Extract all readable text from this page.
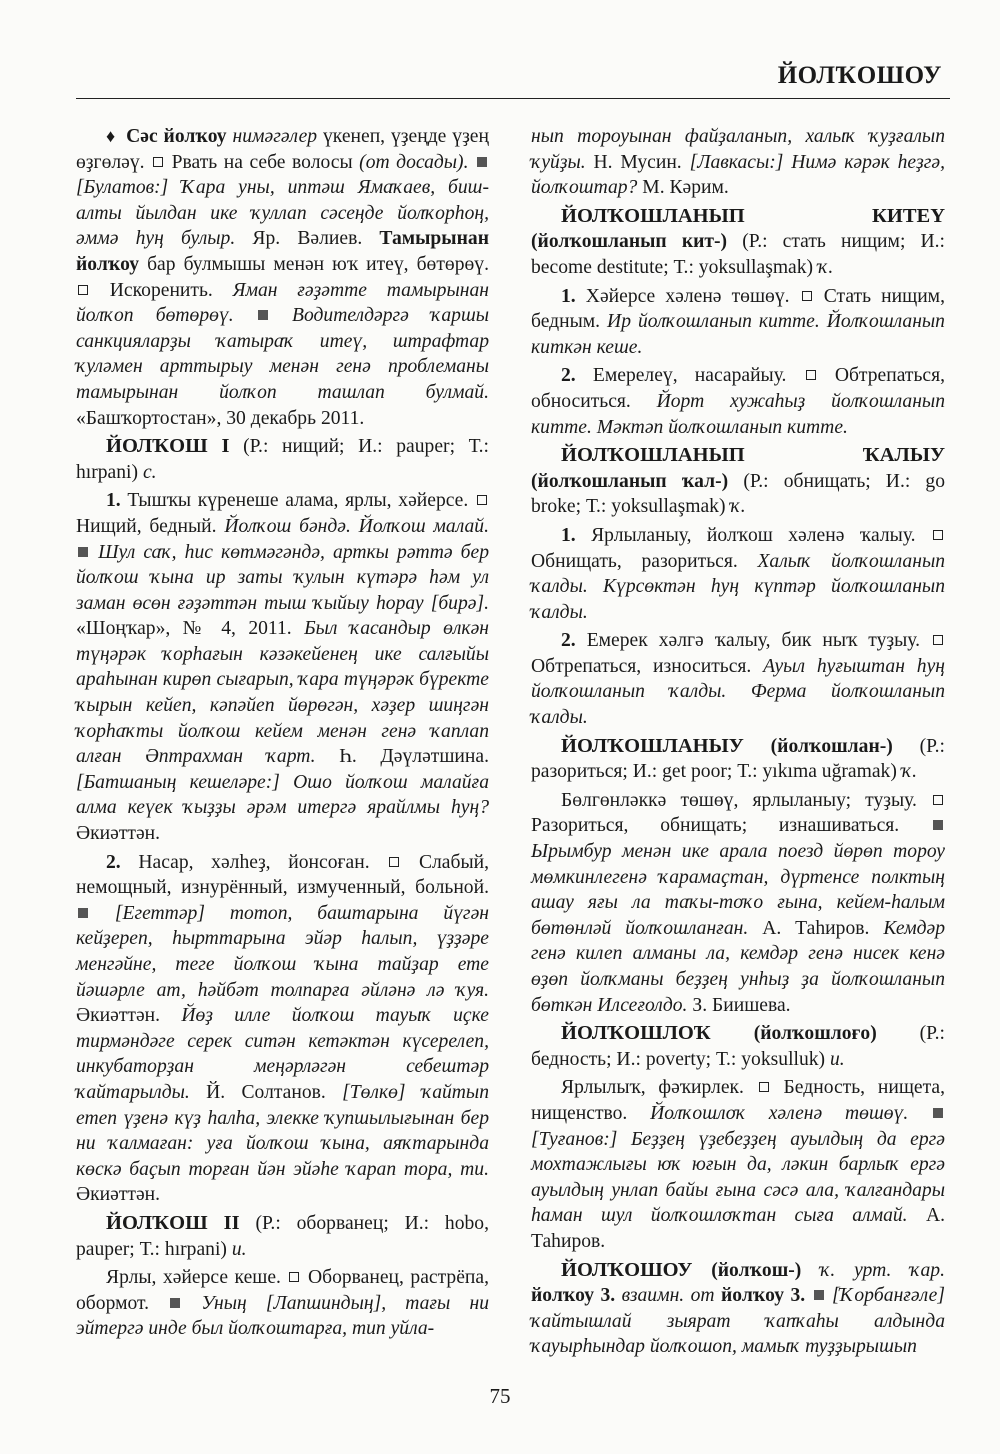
ЙОЛҠОШОУ

♦ Сәс йолҡоу нимәгәлер үкенеп, үҙеңде үҙең өҙгөләү. Рвать на себе волосы (от досады).  [Булатов:] Ҡара уны, иптәш Ямаҡаев, биш-алты йылдан ике ҡуллап сәсеңде йолҡорһоң, әммә һуң булыр. Яр. Вәлиев. Тамырынан йолҡоу бар булмышы менән юҡ итеү, бөтөрөү.  Искоренить. Яман ғәҙәтте тамырынан йолҡоп бөтөрөү.	Водителдәргә ҡаршы санкцияларҙы ҡатыраҡ итеү, штрафтар ҡуләмен арттырыу менән генә проблеманы тамырынан йолҡоп ташлап булмай. «Башҡортостан», 30 декабрь 2011.

ЙОЛҠОШ I (Р.: нищий; И.: pauper; Т.: hırpani) с.

1. Тышҡы күренеше алама, ярлы, хәйерсе.  Нищий, бедный. Йолҡош бәндә. Йолҡош малай.  Шул саҡ, һис көтмәгәндә, арткы рәттә бер йолҡош ҡына ир заты ҡулын күтәрә һәм ул заман өсөн ғәҙәттән тыш ҡыйыу һорау [бирә]. «Шоңҡар», № 4, 2011. Был ҡасандыр өлкән түңәрәк ҡорһағын кәзәкейенең ике салғыйы араһынан кирөп сығарып, ҡара түңәрәк бүректе ҡырын кейеп, кәпәйеп йөрөгән, хәҙер шиңгән ҡорһаҡты йолҡош кейем менән генә ҡаплап алған Әптрахман ҡарт. Һ. Дәүләтшина. [Батшаның кешеләре:] Ошо йолҡош малайға алма кеүек ҡыҙҙы әрәм итергә ярайлмы һуң? Әкиәттән.

2. Насар, хәлһеҙ, йонсоған.	Слабый, немощный, изнурённый, измученный, больной.  [Егеттәр] тотоп, баштарына йүгән кейҙереп, һырттарына эйәр һалып, үҙҙәре менгәйне, теге йолҡош ҡына тайҙар ете йәшәрле ат, һәйбәт толпарға әйләнә лә ҡуя. Әкиәттән. Йөҙ илле йолҡош тауыҡ иҫке тирмәндәге серек ситән кетәктән күсерелеп, инкубаторҙан меңәрләгән себештәр ҡайтарылды. Й. Солтанов. [Төлкө] ҡайтып етеп үҙенә күҙ һалһа, элекке ҡупшылығынан бер ни ҡалмаған: уға йолҡош ҡына, аяҡтарында көскә баҫып торған йән эйәһе ҡарап тора, ти. Әкиәттән.

ЙОЛҠОШ II (Р.: оборванец; И.: hobo, pauper; Т.: hırpani) и.

Ярлы, хәйерсе кеше. Оборванец, растрёпа, обормот.	Уның [Лапшиндың], тағы ни эйтергә инде был йолҡоштарға, тип уйла-

нып тороуынан файҙаланып, халыҡ ҡуҙғалып ҡуйҙы. Н. Мусин. [Лавкасы:] Нимә кәрәк һеҙгә, йолҡоштар? М. Кәрим.

ЙОЛҠОШЛАНЫП КИТЕҮ (йолҡошланып кит-) (Р.: стать нищим; И.: become destitute; Т.: yoksullaşmak) ҡ.

1. Хәйерсе хәленә төшөү. Стать нищим, бедным. Ир йолҡошланып китте. Йолҡошланып киткән кеше.

2. Емерелеү, насарайыу. Обтрепаться, обноситься. Йорт хужаһыҙ йолҡошланып китте. Мәктәп йолҡошланып китте.

ЙОЛҠОШЛАНЫП ҠАЛЫУ (йолҡошланып ҡал-) (Р.: обнищать; И.: go broke; Т.: yoksullaşmak) ҡ.

1. Ярлыланыу, йолҡош хәленә ҡалыу.  Обнищать, разориться. Халыҡ йолҡошланып ҡалды. Күрсөктән һуң күптәр йолҡошланып ҡалды.

2. Емерек хәлгә ҡалыу, бик ныҡ туҙыу.  Обтрепаться, износиться. Ауыл һуғыштан һуң йолҡошланып ҡалды. Ферма йолҡошланып ҡалды.

ЙОЛҠОШЛАНЫУ (йолҡошлан-) (Р.: разориться; И.: get poor; Т.: yıkıma uğramak) ҡ.

Бөлгөнләккә төшөү, ярлыланыу; туҙыу.  Разориться, обнищать; изнашиваться.  Ырымбур менән ике арала поезд йөрөп тороу мөмкинлегенә ҡарамаҫтан, дүртенсе полктың ашау яғы ла таҡы-тоҡо ғына, кейем-һалым бөтөнләй йолҡошланған. А. Таһиров. Кемдәр генә килеп алманы ла, кемдәр генә нисек кенә өҙөп йолҡманы беҙҙең унһыҙ ҙа йолҡошланып бөткән Илсеғолдо. З. Биишева.

ЙОЛҠОШЛОҠ (йолҡошлоғо) (Р.: бедность; И.: poverty; Т.: yoksulluk) и.

Ярлылыҡ, фәҡирлек. Бедность, нищета, нищенство. Йолҡошлоҡ хәленә төшөү.  [Туғанов:] Беҙҙең үҙебеҙҙең ауылдың да ергә мохтажлығы юҡ юғын да, ләкин барлыҡ ергә ауылдың унлап байы ғына сәсә ала, ҡалғандары һаман шул йолҡошлоҡтан сыға алмай. А. Таһиров.

ЙОЛҠОШОУ (йолҡош-) ҡ. урт. ҡар. йолҡоу 3. взаимн. от йолҡоу 3. [Ҡорбанғәле] ҡайтышлай зыярат ҡапҡаһы алдында ҡауырһындар йолҡошоп, мамыҡ туҙҙырышып

75
